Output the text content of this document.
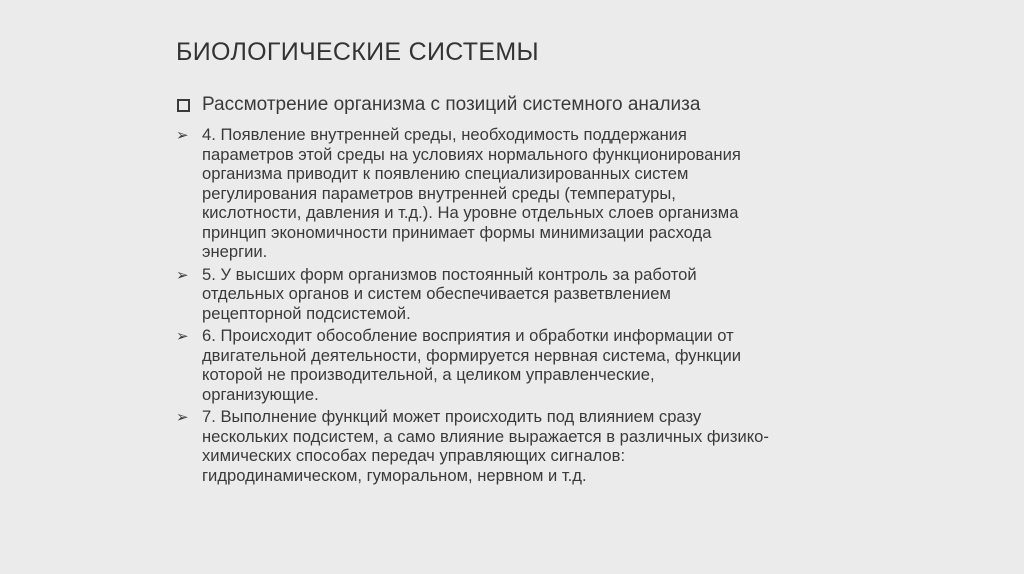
БИОЛОГИЧЕСКИЕ СИСТЕМЫ
Рассмотрение организма с позиций системного анализа
➢ 4. Появление внутренней среды, необходимость поддержания
параметров этой среды на условиях нормального функционирования
организма приводит к появлению специализированных систем
регулирования параметров внутренней среды (температуры,
кислотности, давления и т.д.). На уровне отдельных слоев организма
принцип экономичности принимает формы минимизации расхода
энергии.
➢ 5. У высших форм организмов постоянный контроль за работой
отдельных органов и систем обеспечивается разветвлением
рецепторной подсистемой.
➢ 6. Происходит обособление восприятия и обработки информации от
двигательной деятельности, формируется нервная система, функции
которой не производительной, а целиком управленческие,
организующие.
➢ 7. Выполнение функций может происходить под влиянием сразу
нескольких подсистем, а само влияние выражается в различных физико-
химических способах передач управляющих сигналов:
гидродинамическом, гуморальном, нервном и т.д.
